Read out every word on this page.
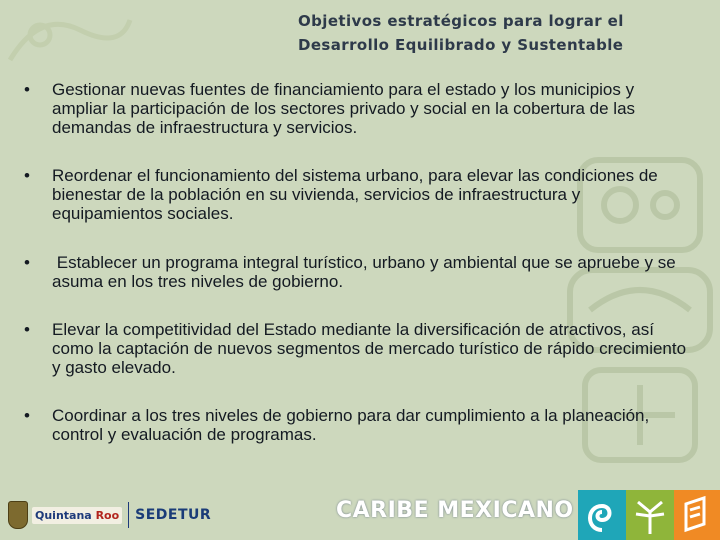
Objetivos estratégicos para lograr el
Desarrollo Equilibrado y Sustentable
•	Gestionar nuevas fuentes de financiamiento para el estado y los municipios y ampliar la participación de los sectores privado y social en la cobertura de las demandas de infraestructura y servicios.
•	Reordenar el funcionamiento del sistema urbano, para elevar las condiciones de bienestar de la población en su vivienda, servicios de infraestructura y equipamientos sociales.
•	Establecer un programa integral turístico, urbano y ambiental que se apruebe y se asuma en los tres niveles de gobierno.
•	Elevar la competitividad del Estado mediante la diversificación de atractivos, así como la captación de nuevos segmentos de mercado turístico de rápido crecimiento y gasto elevado.
•	Coordinar a los tres niveles de gobierno para dar cumplimiento a la planeación, control y evaluación de programas.
Quintana Roo SEDETUR	CARIBE MEXICANO
